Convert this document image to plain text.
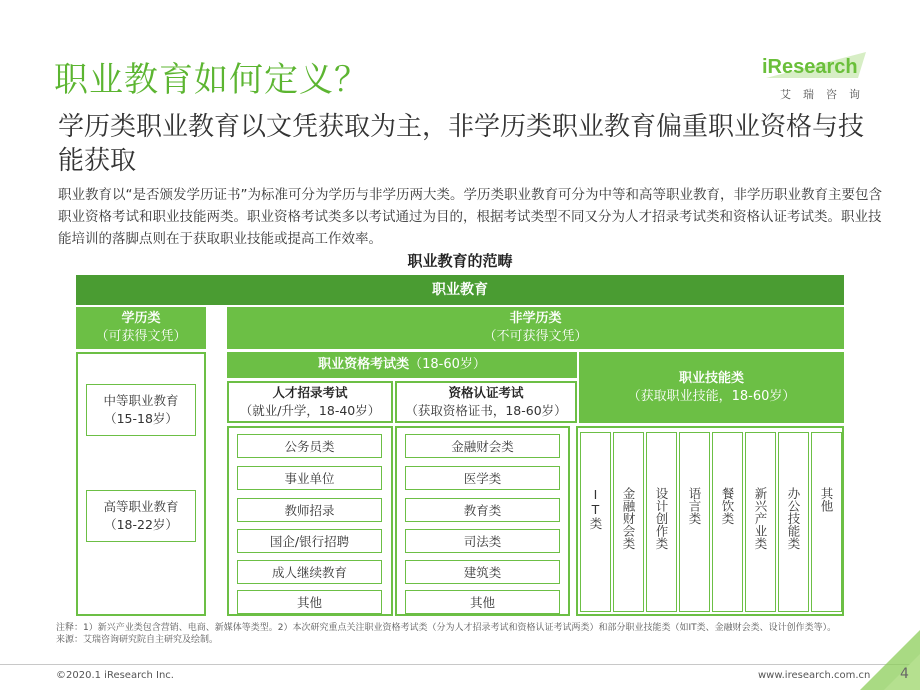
职业教育如何定义？	iResearch
艾瑞咨询
学历类职业教育以文凭获取为主，非学历类职业教育偏重职业资格与技能获取
职业教育以“是否颁发学历证书”为标准可分为学历与非学历两大类。学历类职业教育可分为中等和高等职业教育，非学历职业教育主要包含职业资格考试和职业技能两类。职业资格考试类多以考试通过为目的，根据考试类型不同又分为人才招录考试类和资格认证考试类。职业技能培训的落脚点则在于获取职业技能或提高工作效率。
职业教育的范畴
职业教育
学历类
（可获得文凭）
非学历类
（不可获得文凭）
中等职业教育
（15-18岁）
高等职业教育
（18-22岁）
职业资格考试类 （18-60岁）
职业技能类
（获取职业技能，18-60岁）
人才招录考试
（就业/升学，18-40岁）
资格认证考试
（获取资格证书，18-60岁）
公务员类
事业单位
教师招录
国企/银行招聘
成人继续教育
其他
金融财会类
医学类
教育类
司法类
建筑类
其他
IT类 金融财会类 设计创作类 语言类 餐饮类 新兴产业类 办公技能类 其他
注释：1）新兴产业类包含营销、电商、新媒体等类型。2）本次研究重点关注职业资格考试类（分为人才招录考试和资格认证考试两类）和部分职业技能类（如IT类、金融财会类、设计创作类等）。
来源：艾瑞咨询研究院自主研究及绘制。
©2020.1 iResearch Inc.	www.iresearch.com.cn 4
